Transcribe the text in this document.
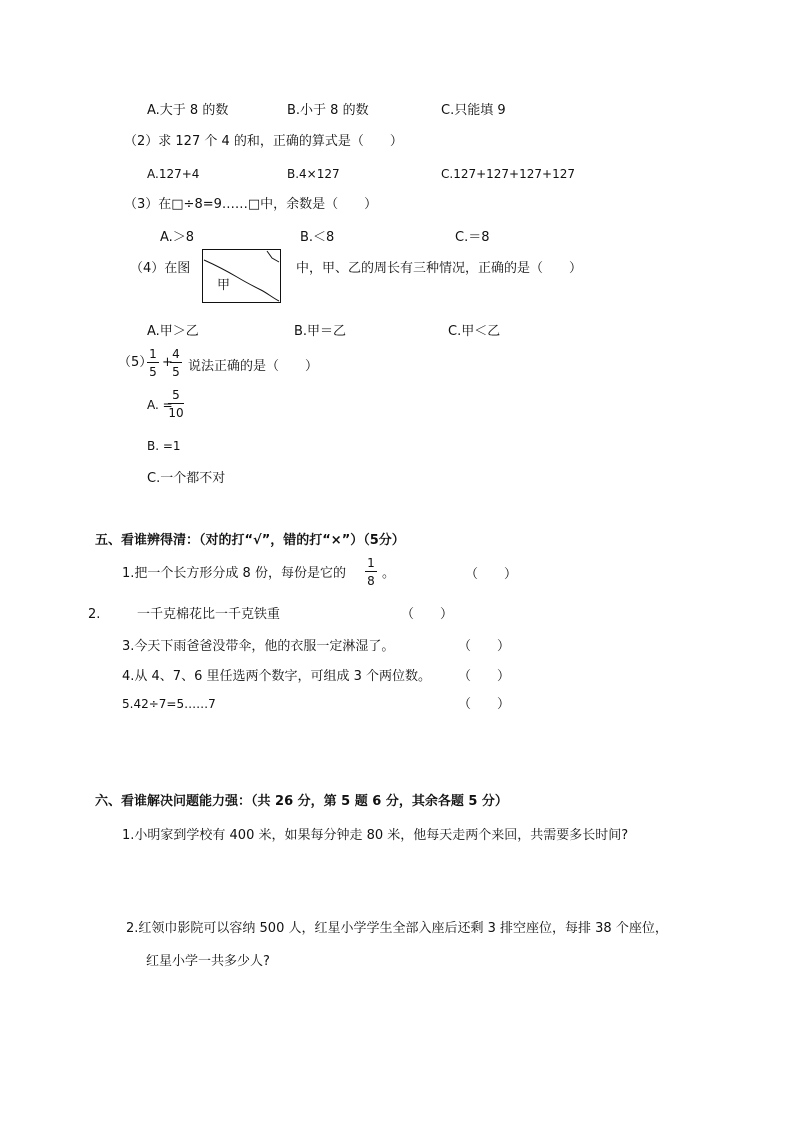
A.大于 8 的数	B.小于 8 的数	C.只能填 9
（2）求 127 个 4 的和，正确的算式是（　　）
A.127+4	B.4×127	C.127+127+127+127
（3）在□÷8=9……□中，余数是（　　）
A.＞8	B.＜8	C.＝8
（4）在图
甲
中，甲、乙的周长有三种情况，正确的是（　　）
A.甲＞乙	B.甲＝乙	C.甲＜乙
（5）
1
5
+
4
5 说法正确的是（　　）
A. =
5
10
B. =1
C.一个都不对
五、看谁辨得清：（对的打“√”，错的打“×”）（5分）
1.把一个长方形分成 8 份，每份是它的
1
8 。	（　　）
2.	一千克棉花比一千克铁重	（　　）
3.今天下雨爸爸没带伞，他的衣服一定淋湿了。	（　　）
4.从 4、7、6 里任选两个数字，可组成 3 个两位数。 （　　）
5.42÷7=5……7	（　　）
六、看谁解决问题能力强：（共 26 分，第 5 题 6 分，其余各题 5 分）
1.小明家到学校有 400 米，如果每分钟走 80 米，他每天走两个来回，共需要多长时间?
2.红领巾影院可以容纳 500 人，红星小学学生全部入座后还剩 3 排空座位，每排 38 个座位，
红星小学一共多少人?
